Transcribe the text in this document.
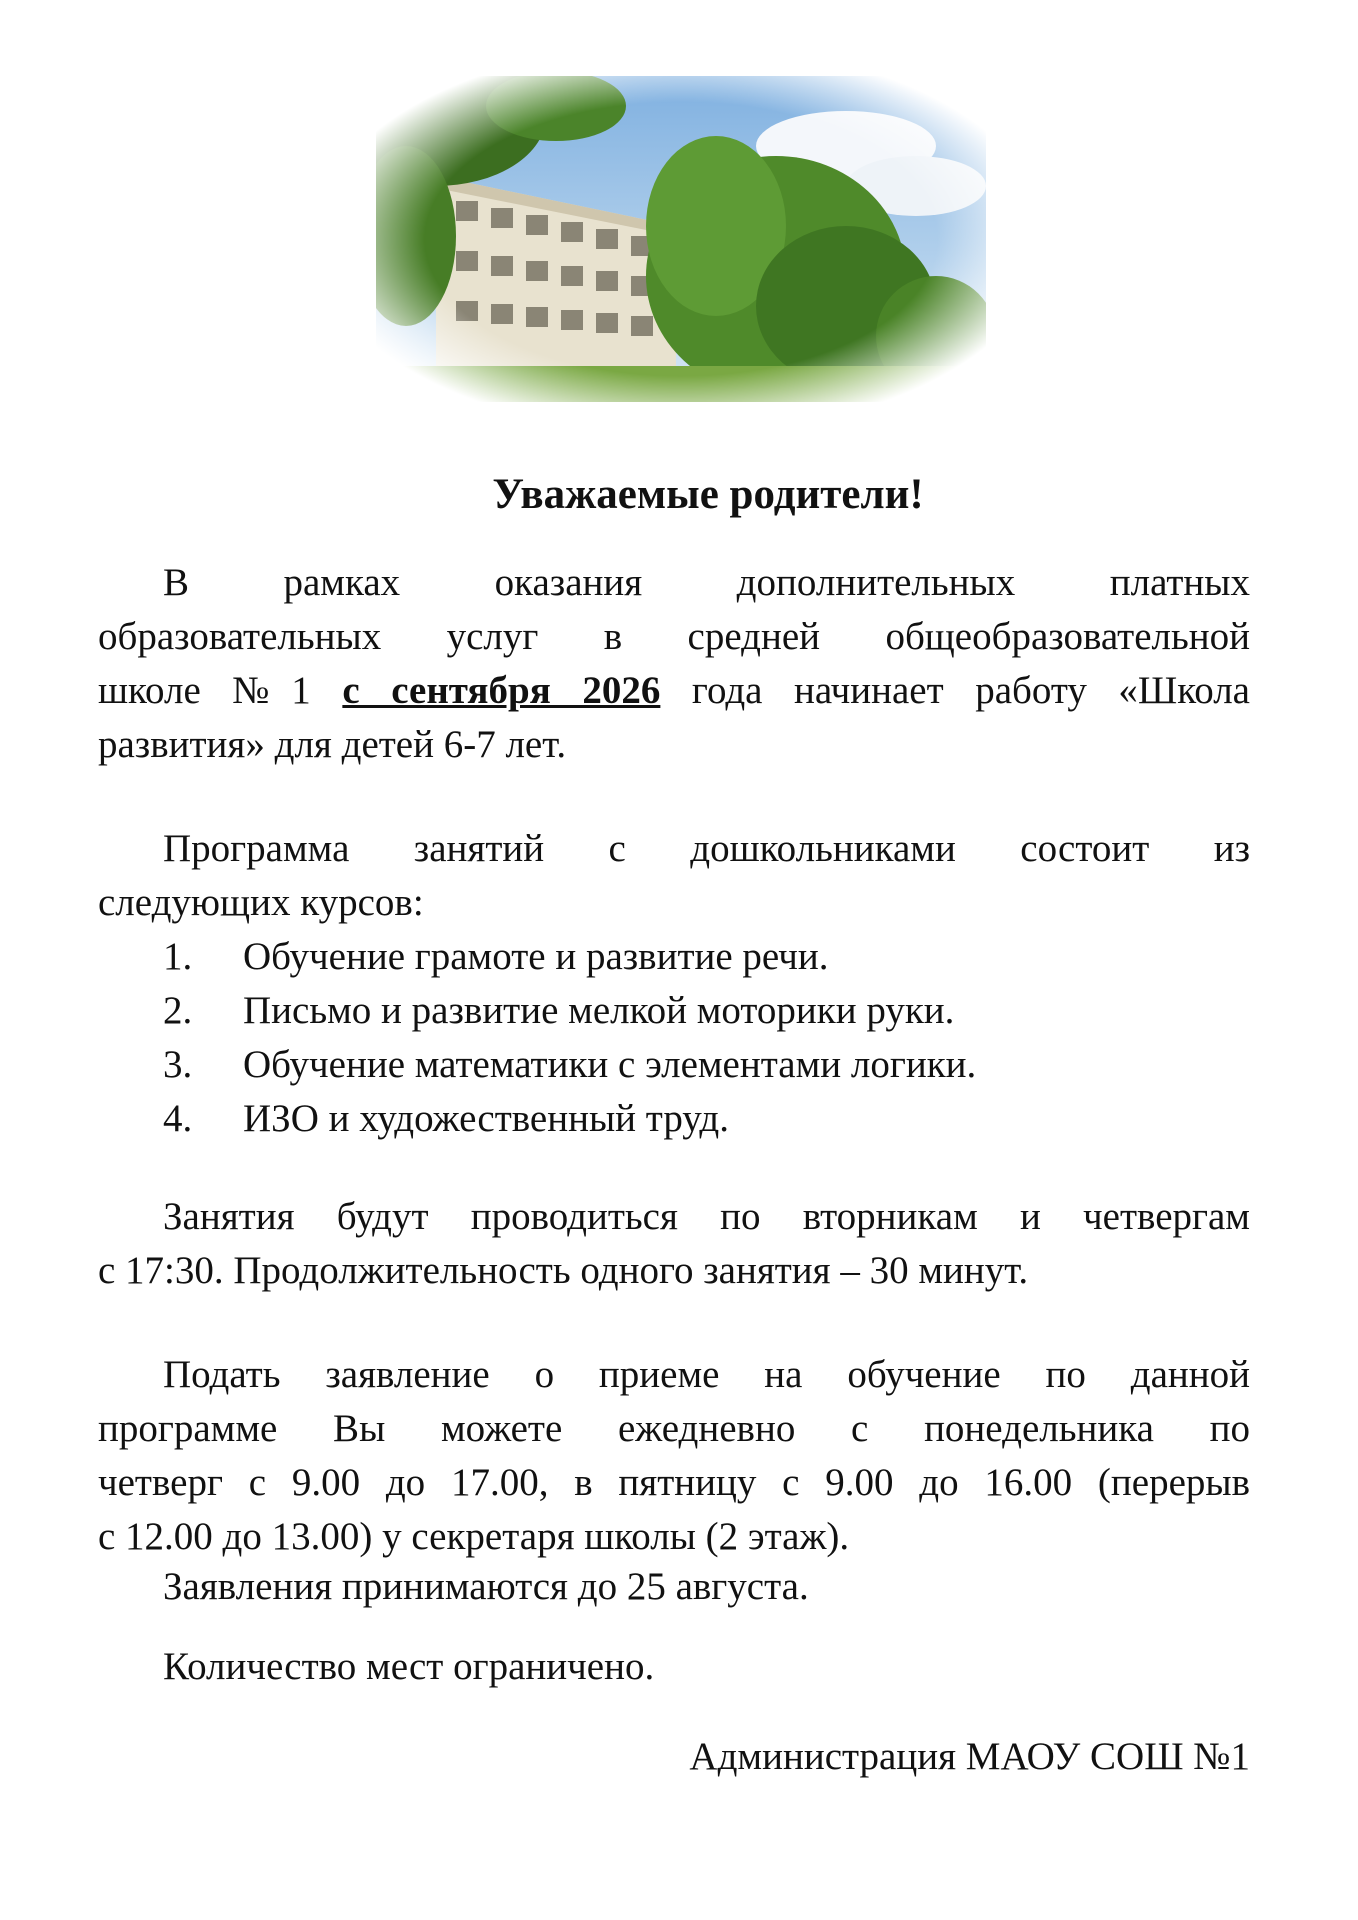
Уважаемые родители!
В рамках оказания дополнительных платных
образовательных услуг в средней общеобразовательной
школе №1 с сентября 2026 года начинает работу «Школа
развития» для детей 6-7 лет.
Программа занятий с дошкольниками состоит из
следующих курсов:
1.	Обучение грамоте и развитие речи.
2.	Письмо и развитие мелкой моторики руки.
3.	Обучение математики с элементами логики.
4.	ИЗО и художественный труд.
Занятия будут проводиться по вторникам и четвергам
с 17:30. Продолжительность одного занятия – 30 минут.
Подать заявление о приеме на обучение по данной
программе Вы можете ежедневно с понедельника по
четверг с 9.00 до 17.00, в пятницу с 9.00 до 16.00 (перерыв
с 12.00 до 13.00) у секретаря школы (2 этаж).
Заявления принимаются до 25 августа.
Количество мест ограничено.
Администрация МАОУ СОШ №1
